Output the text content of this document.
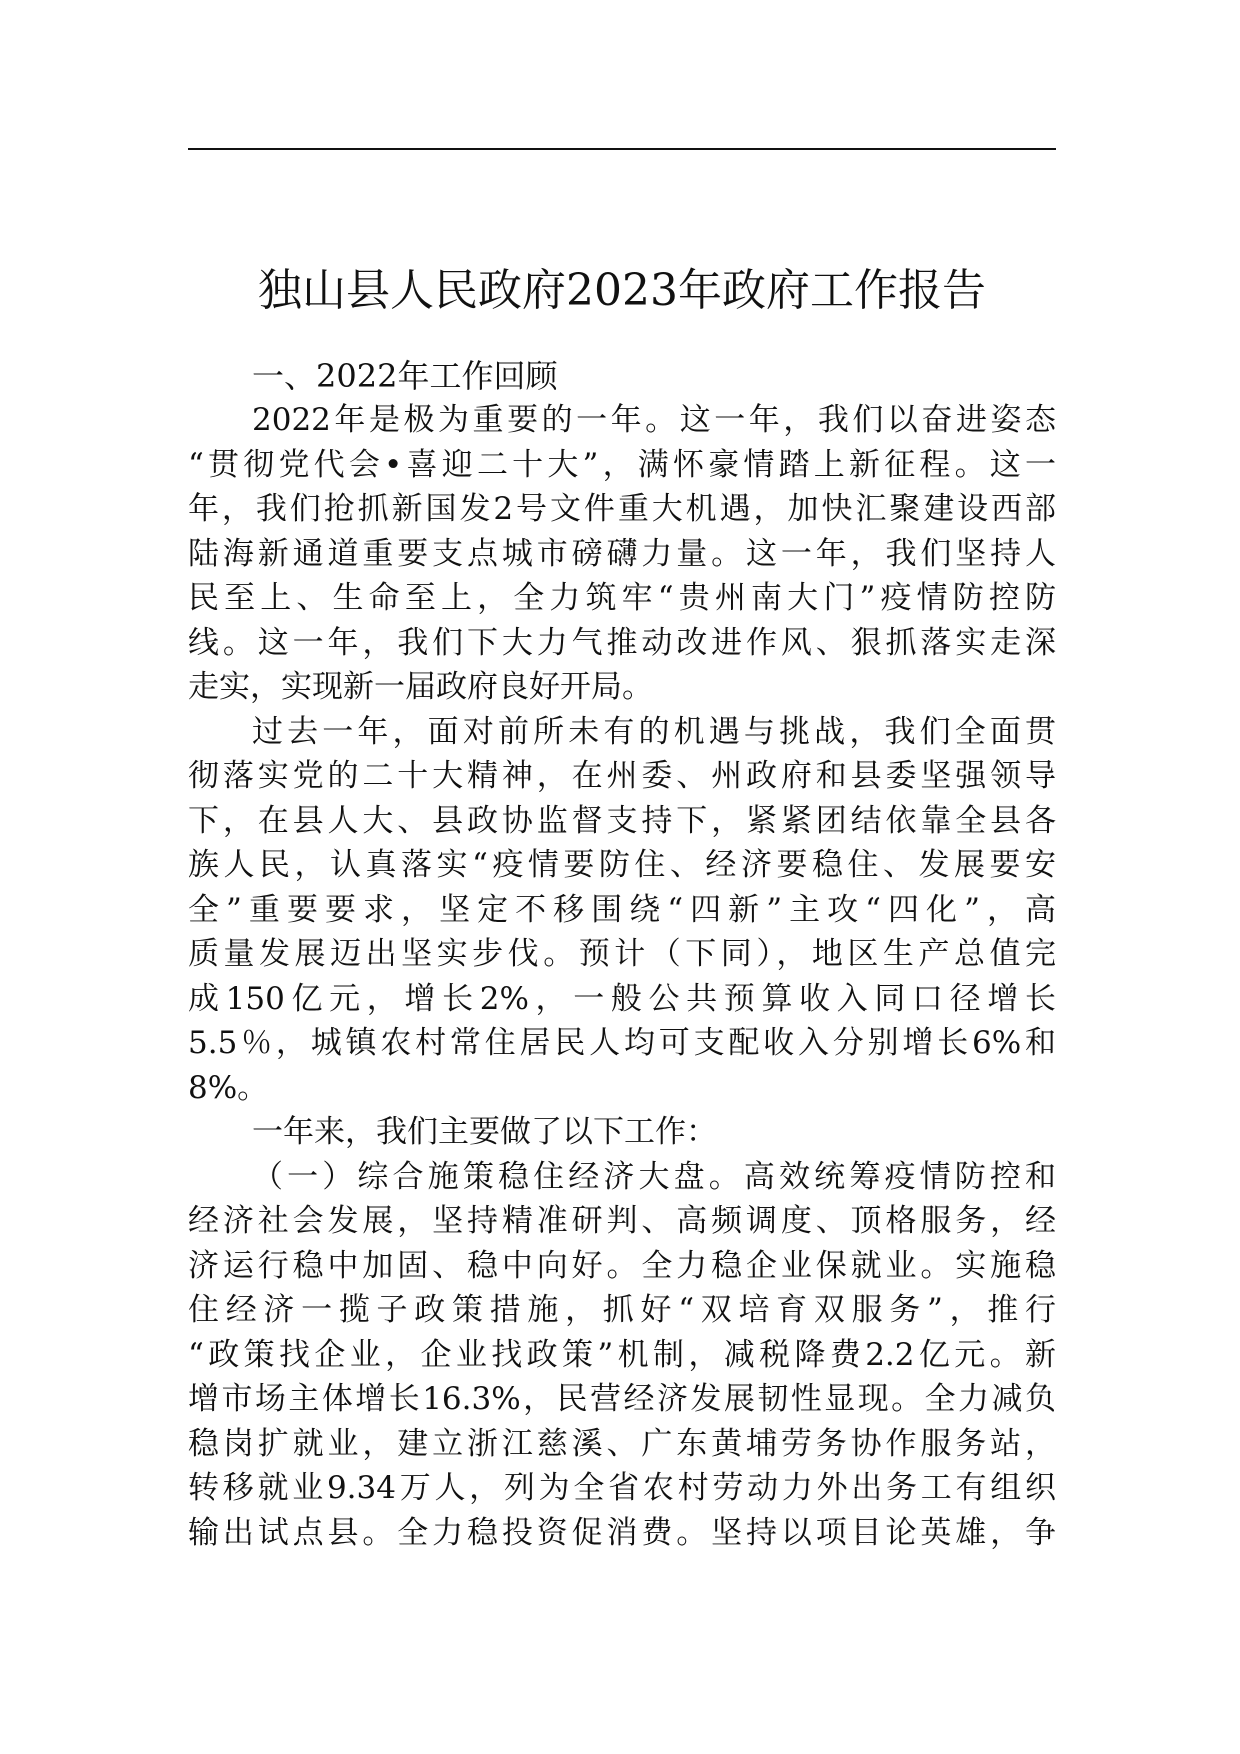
独山县人民政府2023年政府工作报告

一、2022年工作回顾

2022年是极为重要的一年。这一年，我们以奋进姿态

“贯彻党代会•喜迎二十大”，满怀豪情踏上新征程。这一

年，我们抢抓新国发2号文件重大机遇，加快汇聚建设西部

陆海新通道重要支点城市磅礴力量。这一年，我们坚持人

民至上、生命至上，全力筑牢“贵州南大门”疫情防控防

线。这一年，我们下大力气推动改进作风、狠抓落实走深

走实，实现新一届政府良好开局。

过去一年，面对前所未有的机遇与挑战，我们全面贯

彻落实党的二十大精神，在州委、州政府和县委坚强领导

下，在县人大、县政协监督支持下，紧紧团结依靠全县各

族人民，认真落实“疫情要防住、经济要稳住、发展要安

全”重要要求，坚定不移围绕“四新”主攻“四化”，高

质量发展迈出坚实步伐。预计（下同），地区生产总值完

成150亿元，增长2%，一般公共预算收入同口径增长

5.5％，城镇农村常住居民人均可支配收入分别增长6%和

8%。

一年来，我们主要做了以下工作：

（一）综合施策稳住经济大盘。高效统筹疫情防控和

经济社会发展，坚持精准研判、高频调度、顶格服务，经

济运行稳中加固、稳中向好。全力稳企业保就业。实施稳

住经济一揽子政策措施，抓好“双培育双服务”，推行

“政策找企业，企业找政策”机制，减税降费2.2亿元。新

增市场主体增长16.3%，民营经济发展韧性显现。全力减负

稳岗扩就业，建立浙江慈溪、广东黄埔劳务协作服务站，

转移就业9.34万人，列为全省农村劳动力外出务工有组织

输出试点县。全力稳投资促消费。坚持以项目论英雄，争
